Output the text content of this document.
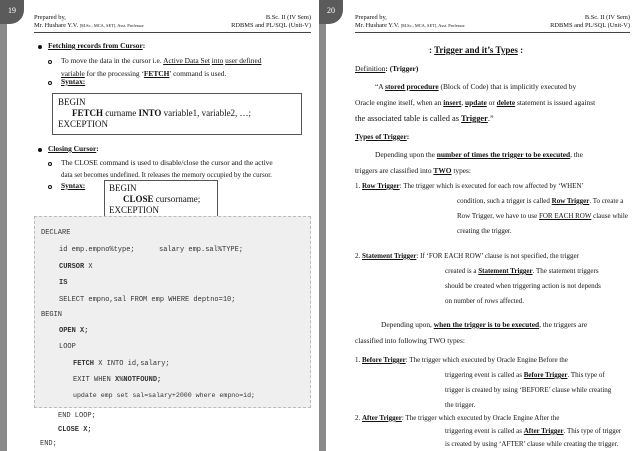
19
Prepared by,
Mr. Hushare Y.V. [M.Sc., MCA, SET], Asst. Professor
B.Sc. II (IV Sem)
RDBMS and PL/SQL (Unit-V)
Fetching records from Cursor:
To move the data in the cursor i.e. Active Data Set into user defined
variable for the processing ‘FETCH’ command is used.
Syntax:
BEGIN
FETCH curname INTO variable1, variable2, …;
EXCEPTION
Closing Cursor:
The CLOSE command is used to disable/close the cursor and the active
data set becomes undefined. It releases the memory occupied by the cursor.
Syntax:	BEGIN
CLOSE cursorname;
EXCEPTION
DECLARE
id emp.empno%type;	salary emp.sal%TYPE;
CURSOR X
IS
SELECT empno,sal FROM emp WHERE deptno=10;
BEGIN
OPEN X;
LOOP
FETCH X INTO id,salary;
EXIT WHEN X%NOTFOUND;
update emp set sal=salary+2000 where empno=id;
END LOOP;
CLOSE X;
END;
20
Prepared by,
Mr. Hushare Y.V. [M.Sc., MCA, SET], Asst. Professor
B.Sc. II (IV Sem)
RDBMS and PL/SQL (Unit-V)
: Trigger and it’s Types :
Definition: (Trigger)
“A stored procedure (Block of Code) that is implicitly executed by
Oracle engine itself, when an insert, update or delete statement is issued against
the associated table is called as Trigger.”
Types of Trigger:
Depending upon the number of times the trigger to be executed, the
triggers are classified into TWO types:
1. Row Trigger: The trigger which is executed for each row affected by ‘WHEN’
condition, such a trigger is called Row Trigger. To create a
Row Trigger, we have to use FOR EACH ROW clause while
creating the trigger.
2. Statement Trigger: If ‘FOR EACH ROW’ clause is not specified, the trigger
created is a Statement Trigger. The statement triggers
should be created when triggering action is not depends
on number of rows affected.
Depending upon, when the trigger is to be executed, the triggers are
classified into following TWO types:
1. Before Trigger: The trigger which executed by Oracle Engine Before the
triggering event is called as Before Trigger. This type of
trigger is created by using ‘BEFORE’ clause while creating
the trigger.
2. After Trigger: The trigger which executed by Oracle Engine After the
triggering event is called as After Trigger. This type of trigger
is created by using ‘AFTER’ clause while creating the trigger.
